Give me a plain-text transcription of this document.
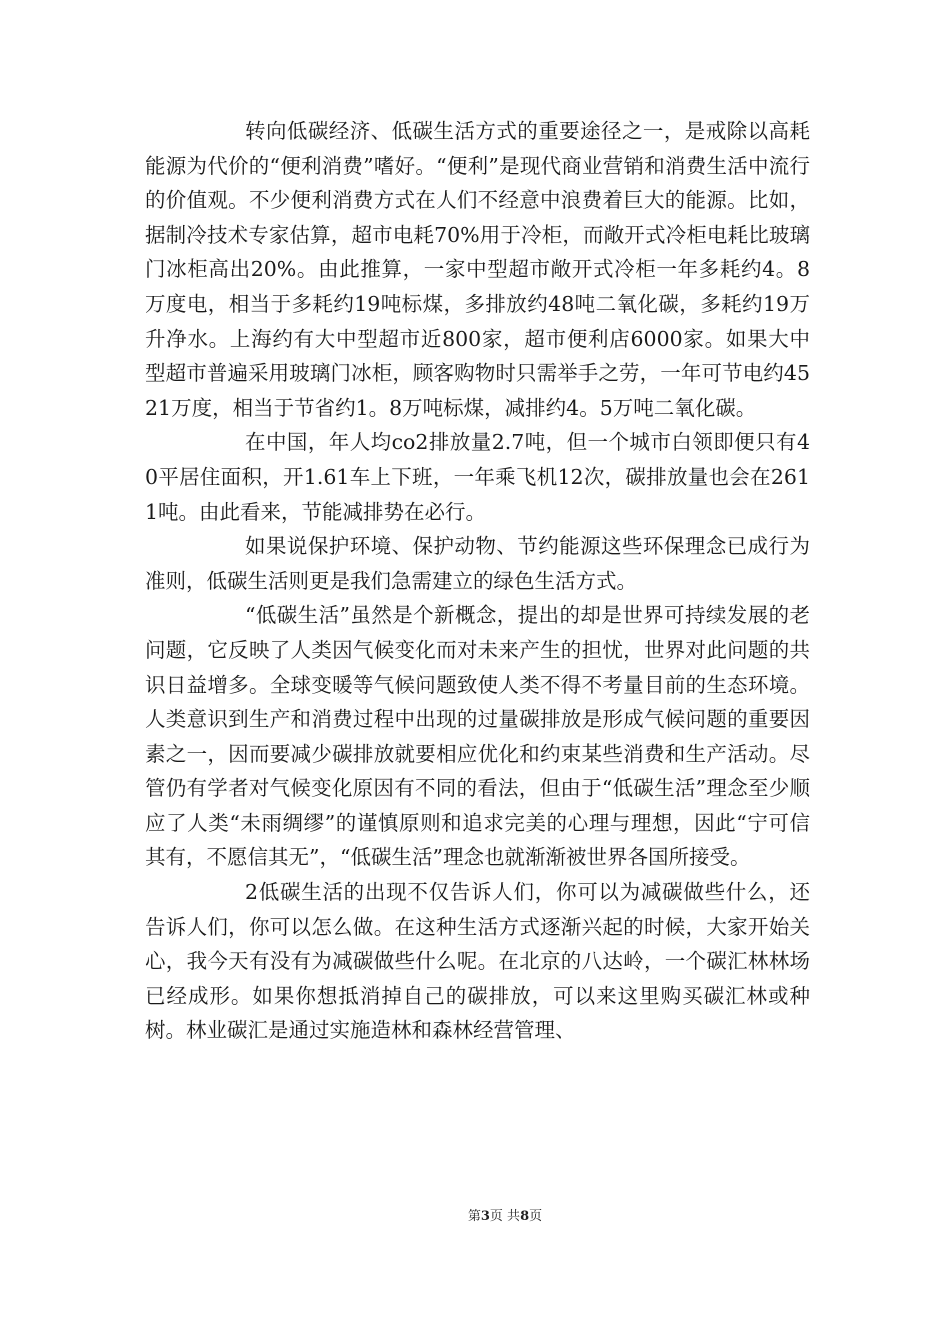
转向低碳经济、低碳生活方式的重要途径之一，是戒除以高耗能源为代价的“便利消费”嗜好。“便利”是现代商业营销和消费生活中流行的价值观。不少便利消费方式在人们不经意中浪费着巨大的能源。比如，据制冷技术专家估算，超市电耗70%用于冷柜，而敞开式冷柜电耗比玻璃门冰柜高出20%。由此推算，一家中型超市敞开式冷柜一年多耗约4。8万度电，相当于多耗约19吨标煤，多排放约48吨二氧化碳，多耗约19万升净水。上海约有大中型超市近800家，超市便利店6000家。如果大中型超市普遍采用玻璃门冰柜，顾客购物时只需举手之劳，一年可节电约4521万度，相当于节省约1。8万吨标煤，减排约4。5万吨二氧化碳。

在中国，年人均co2排放量2.7吨，但一个城市白领即便只有40平居住面积，开1.61车上下班，一年乘飞机12次，碳排放量也会在2611吨。由此看来，节能减排势在必行。

如果说保护环境、保护动物、节约能源这些环保理念已成行为准则，低碳生活则更是我们急需建立的绿色生活方式。

“低碳生活”虽然是个新概念，提出的却是世界可持续发展的老问题，它反映了人类因气候变化而对未来产生的担忧，世界对此问题的共识日益增多。全球变暖等气候问题致使人类不得不考量目前的生态环境。人类意识到生产和消费过程中出现的过量碳排放是形成气候问题的重要因素之一，因而要减少碳排放就要相应优化和约束某些消费和生产活动。尽管仍有学者对气候变化原因有不同的看法，但由于“低碳生活”理念至少顺应了人类“未雨绸缪”的谨慎原则和追求完美的心理与理想，因此“宁可信其有，不愿信其无”，“低碳生活”理念也就渐渐被世界各国所接受。

2低碳生活的出现不仅告诉人们，你可以为减碳做些什么，还告诉人们，你可以怎么做。在这种生活方式逐渐兴起的时候，大家开始关心，我今天有没有为减碳做些什么呢。在北京的八达岭，一个碳汇林林场已经成形。如果你想抵消掉自己的碳排放，可以来这里购买碳汇林或种树。林业碳汇是通过实施造林和森林经营管理、

第3页 共8页
